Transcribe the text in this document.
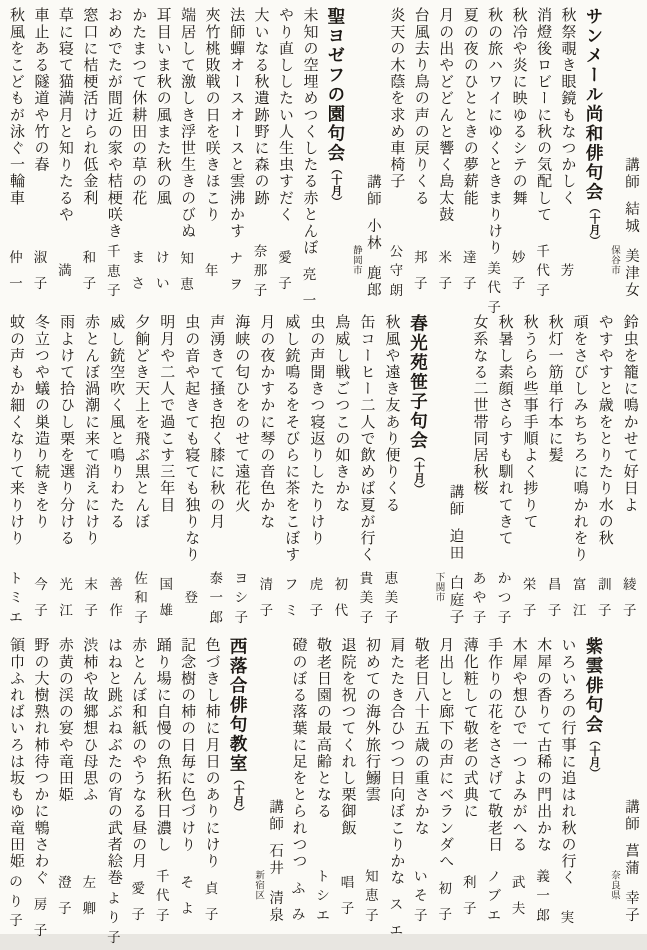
サンメール尚和俳句会（十月）
保谷市
講師結城 美津女
秋祭覗き眼鏡もなつかしく
芳
消燈後ロビーに秋の気配して
千
代
子
秋冷や炎に映ゆるシテの舞
妙
子
秋の旅ハワイにゆくときまりけり
美
代
子
夏の夜のひとときの夢薪能
達
子
月の出やどどんと響く島太鼓
米
子
台風去り鳥の声の戻りくる
邦
子
炎天の木蔭を求め車椅子
公
守
朗
聖ヨゼフの園句会（十月）
静岡市
講師小林 鹿郎
未知の空埋めつくしたる赤とんぼ
亮
一
やり直ししたい人生虫すだく
愛
子
大いなる秋遺跡野に森の跡
奈
那
子
法師蟬オースオースと雲沸かす
ナ
ヲ
夾竹桃敗戦の日を咲きほこり
年
端居して激しき浮世生きのびぬ
知
恵
耳目いま秋の風また秋の風
け
い
かたまつて休耕田の草の花
ま
さ
おめでたが間近の家や桔梗咲き
千
恵
子
窓口に桔梗活けられ低金利
和
子
草に寝て猫満月と知りたるや
満
車止ある隧道や竹の春
淑
子
秋風をこどもが泳ぐ一輪車
仲
一
鈴虫を籠に鳴かせて好日よ
綾
子
やすやすと歳をとりたり水の秋
訓
子
頑をさびしみちちろに鳴かれをり
富
江
秋灯一筋単行本に髪
昌
子
秋うらら些事手順よく捗りて
栄
子
秋暑し素顔さらすも馴れてきて
か
つ
子
女系なる二世帯同居秋桜
あ
や
子
春光苑笹子句会（十月）
下関市
講師迫田 白庭子
秋風や遠き友あり便りくる
恵
美
子
缶コーヒー二人で飲めば夏が行く
貴
美
子
鳥威し戦ごつこの如きかな
初
代
虫の声聞きつ寝返りしたりけり
虎
子
威し銃鳴るをそびらに茶をこぼす
フ
ミ
月の夜かすかに琴の音色かな
清
子
海峡の匂ひをのせて遠花火
ヨ
シ
子
声湧きて掻き抱く膝に秋の月
泰
一
郎
虫の音や起きても寝ても独りなり
登
明月や二人で過こす三年目
国
雄
夕餉どき天上を飛ぶ黒とんぼ
佐
和
子
威し銃空吹く風と鳴りわたる
善
作
赤とんぼ渦潮に来て消えにけり
末
子
雨よけて拾ひし栗を選り分ける
光
江
冬立つや蟻の巣造り続きをり
今
子
蚊の声もか細くなりて来りけり
ト
ミ
エ
紫雲俳句会（十月）
奈良県
講師菖蒲 幸子
いろいろの行事に追はれ秋の行く
実
木犀の香りて古稀の門出かな
義
一
郎
木犀や想ひで一つよみがへる
武
夫
手作りの花をささげて敬老日
ノ
ブ
エ
薄化粧して敬老の式典に
利
子
月出しと廊下の声にベランダへ
初
子
敬老日八十五歳の重さかな
い
そ
子
肩たたき合ひつつ日向ぼこりかな
ス
エ
初めての海外旅行鰯雲
知
恵
子
退院を祝つてくれし栗御飯
唱
子
敬老日園の最高齢となる
ト
シ
エ
磴のぼる落葉に足をとられつつ
ふ
み
西落合俳句教室（十月）
新宿区
講師石井 清泉
色づきし柿に月日のありにけり
貞
子
記念樹の柿の日毎に色づけり
そ
よ
踊り場に自慢の魚拓秋日濃し
千
代
子
赤とんぼ和紙のやうなる昼の月
愛
子
はねと跳ぶねぶたの宵の武者絵巻
よ
り
子
渋柿や故郷想ひ母思ふ
左
卿
赤黄の渓の宴や竜田姫
澄
子
野の大樹熟れ柿待つかに鵯さわぐ
房
子
領巾ふればいろは坂もゆ竜田姫
の
り
子
